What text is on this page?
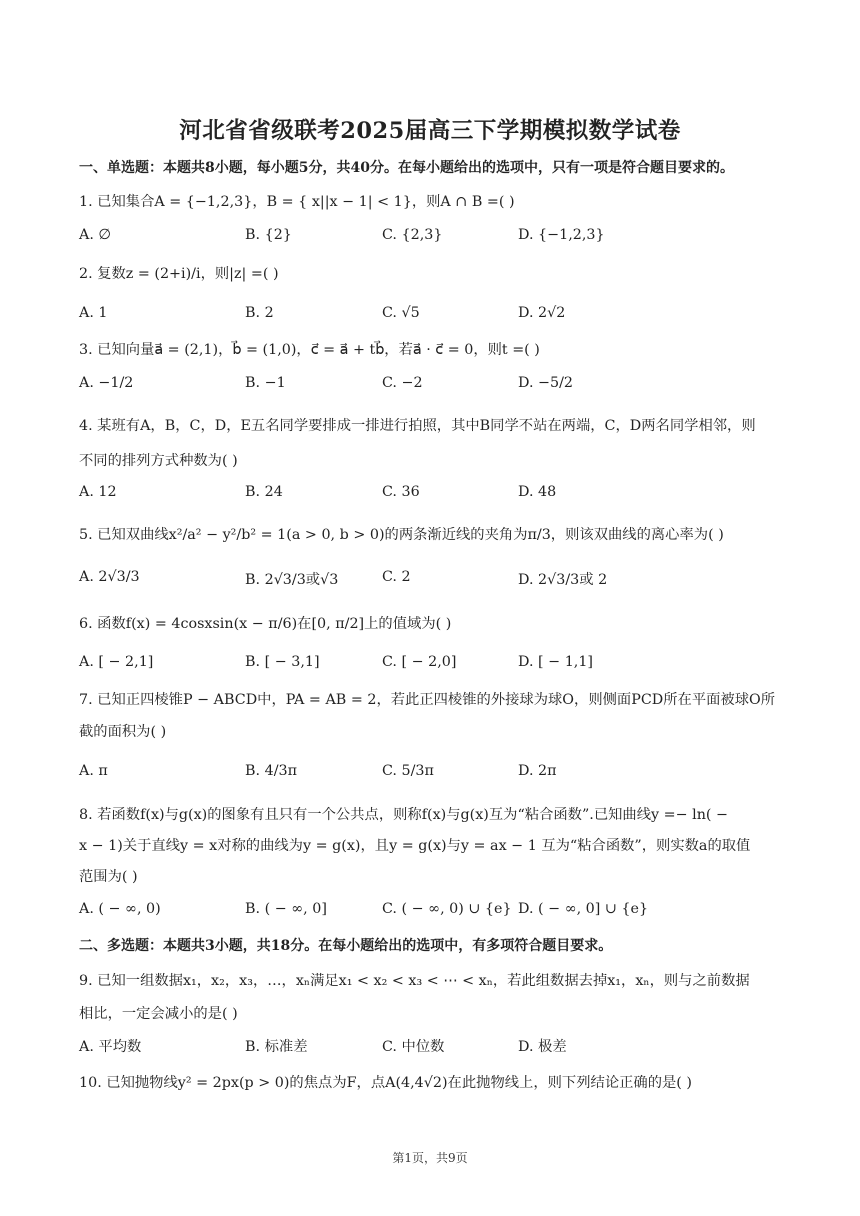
河北省省级联考2025届高三下学期模拟数学试卷
一、单选题：本题共8小题，每小题5分，共40分。在每小题给出的选项中，只有一项是符合题目要求的。
1. 已知集合A = {−1,2,3}，B = { x||x − 1| < 1}，则A ∩ B =( )
A. ∅	B. {2}	C. {2,3}	D. {−1,2,3}
2. 复数z = (2+i)/i，则|z| =( )
A. 1	B. 2	C. √5	D. 2√2
3. 已知向量a⃗ = (2,1)，b⃗ = (1,0)，c⃗ = a⃗ + tb⃗，若a⃗ · c⃗ = 0，则t =( )
A. −1/2	B. −1	C. −2	D. −5/2
4. 某班有A，B，C，D，E五名同学要排成一排进行拍照，其中B同学不站在两端，C，D两名同学相邻，则
不同的排列方式种数为( )
A. 12	B. 24	C. 36	D. 48
5. 已知双曲线x²/a² − y²/b² = 1(a > 0, b > 0)的两条渐近线的夹角为π/3，则该双曲线的离心率为( )
A. 2√3/3	B. 2√3/3或√3	C. 2	D. 2√3/3或 2
6. 函数f(x) = 4cosxsin(x − π/6)在[0, π/2]上的值域为( )
A. [ − 2,1]	B. [ − 3,1]	C. [ − 2,0]	D. [ − 1,1]
7. 已知正四棱锥P − ABCD中，PA = AB = 2，若此正四棱锥的外接球为球O，则侧面PCD所在平面被球O所
截的面积为( )
A. π	B. 4/3π	C. 5/3π	D. 2π
8. 若函数f(x)与g(x)的图象有且只有一个公共点，则称f(x)与g(x)互为“粘合函数”.已知曲线y =− ln( −
x − 1)关于直线y = x对称的曲线为y = g(x)，且y = g(x)与y = ax − 1 互为“粘合函数”，则实数a的取值
范围为( )
A. ( − ∞, 0)	B. ( − ∞, 0]	C. ( − ∞, 0) ∪ {e} D. ( − ∞, 0] ∪ {e}
二、多选题：本题共3小题，共18分。在每小题给出的选项中，有多项符合题目要求。
9. 已知一组数据x₁，x₂，x₃，…，xₙ满足x₁ < x₂ < x₃ < ⋯ < xₙ，若此组数据去掉x₁，xₙ，则与之前数据
相比，一定会减小的是( )
A. 平均数	B. 标准差	C. 中位数	D. 极差
10. 已知抛物线y² = 2px(p > 0)的焦点为F，点A(4,4√2)在此抛物线上，则下列结论正确的是( )
第1页，共9页
